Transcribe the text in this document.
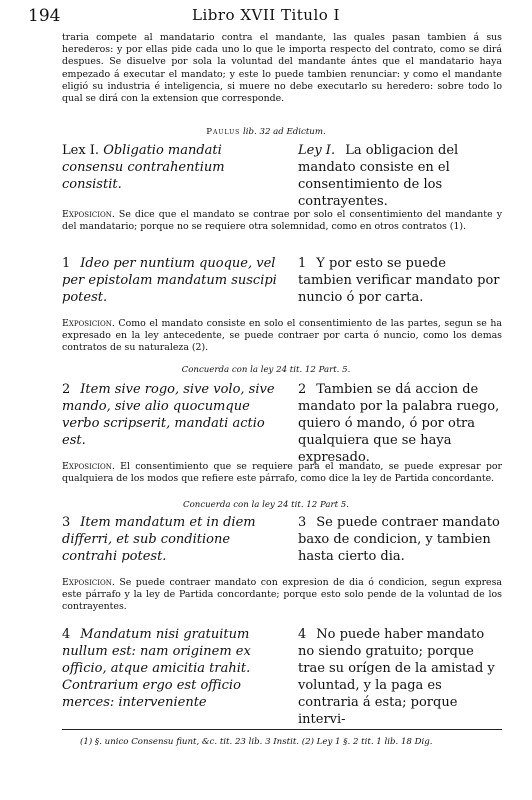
194	Libro XVII Titulo I
traria compete al mandatario contra el mandante, las quales pasan tambien á sus herederos: y por ellas pide cada uno lo que le importa respecto del contrato, como se dirá despues. Se disuelve por sola la voluntad del mandante ántes que el mandatario haya empezado á executar el mandato; y este lo puede tambien renunciar: y como el mandante eligió su industria é inteligencia, si muere no debe executarlo su heredero: sobre todo lo qual se dirá con la extension que corresponde.
Paulus lib. 32 ad Edictum.
Lex I. Obligatio mandati consensu contrahentium consistit.
Ley I. La obligacion del mandato consiste en el consentimiento de los contrayentes.
Exposicion. Se dice que el mandato se contrae por solo el consentimiento del mandante y del mandatario; porque no se requiere otra solemnidad, como en otros contratos (1).
1 Ideo per nuntium quoque, vel per epistolam mandatum suscipi potest.
1 Y por esto se puede tambien verificar mandato por nuncio ó por carta.
Exposicion. Como el mandato consiste en solo el consentimiento de las partes, segun se ha expresado en la ley antecedente, se puede contraer por carta ó nuncio, como los demas contratos de su naturaleza (2).
Concuerda con la ley 24 tit. 12 Part. 5.
2 Item sive rogo, sive volo, sive mando, sive alio quocumque verbo scripserit, mandati actio est.
2 Tambien se dá accion de mandato por la palabra ruego, quiero ó mando, ó por otra qualquiera que se haya expresado.
Exposicion. El consentimiento que se requiere para el mandato, se puede expresar por qualquiera de los modos que refiere este párrafo, como dice la ley de Partida concordante.
Concuerda con la ley 24 tit. 12 Part 5.
3 Item mandatum et in diem differri, et sub conditione contrahi potest.
3 Se puede contraer mandato baxo de condicion, y tambien hasta cierto dia.
Exposicion. Se puede contraer mandato con expresion de dia ó condicion, segun expresa este párrafo y la ley de Partida concordante; porque esto solo pende de la voluntad de los contrayentes.
4 Mandatum nisi gratuitum nullum est: nam originem ex officio, atque amicitia trahit. Contrarium ergo est officio merces: interveniente
4 No puede haber mandato no siendo gratuito; porque trae su orígen de la amistad y voluntad, y la paga es contraria á esta; porque intervi-
(1) §. unico Consensu fiunt, &c. tit. 23 lib. 3 Instit. (2) Ley 1 §. 2 tit. 1 lib. 18 Dig.
